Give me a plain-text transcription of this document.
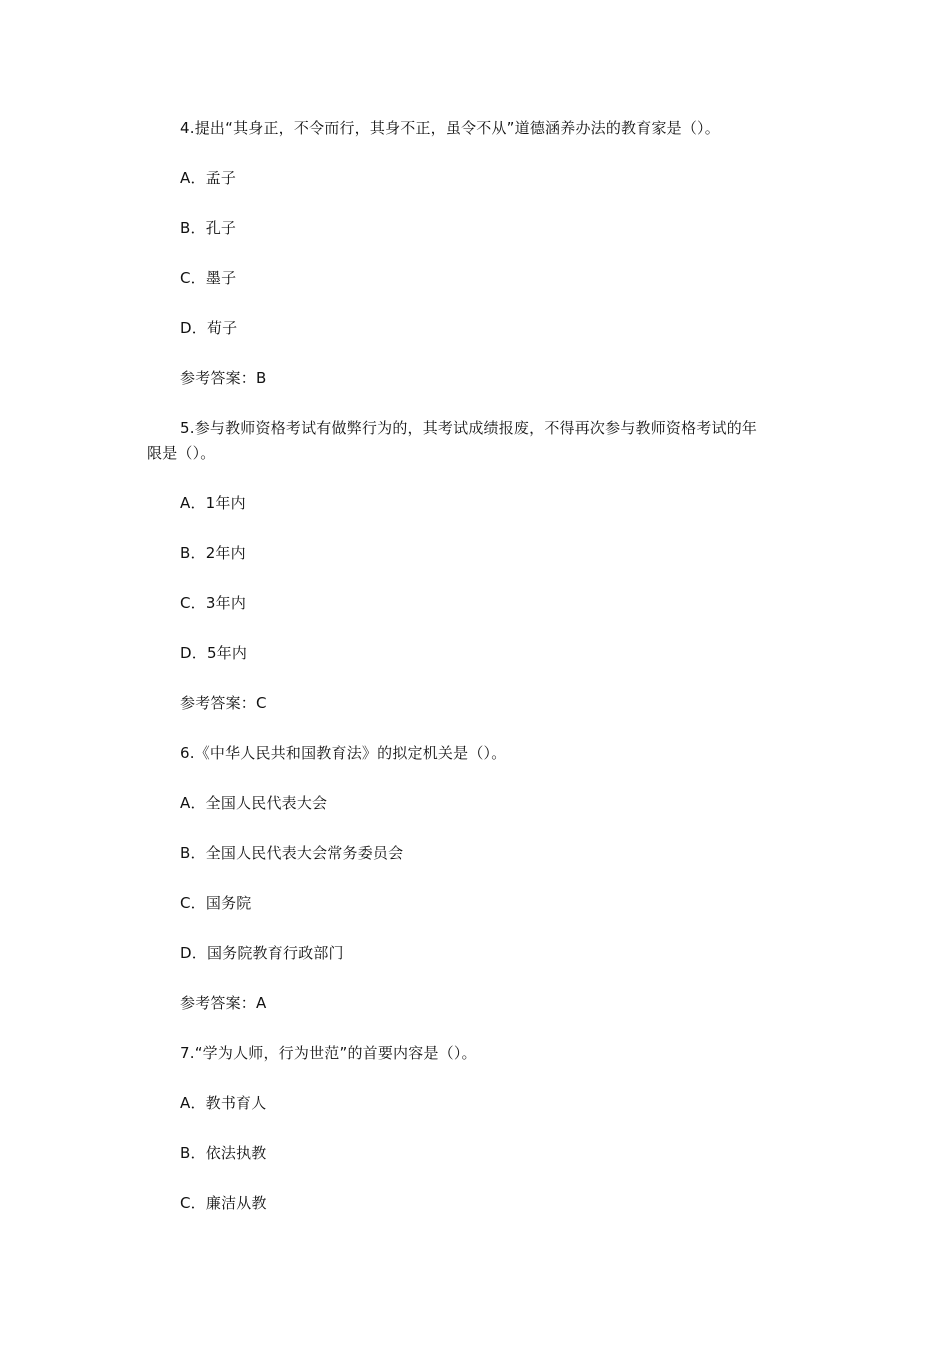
4.提出“其身正，不令而行，其身不正，虽令不从”道德涵养办法的教育家是（）。
A．孟子
B．孔子
C．墨子
D．荀子
参考答案：B
5.参与教师资格考试有做弊行为的，其考试成绩报废，不得再次参与教师资格考试的年
限是（）。
A．1年内
B．2年内
C．3年内
D．5年内
参考答案：C
6.《中华人民共和国教育法》的拟定机关是（）。
A．全国人民代表大会
B．全国人民代表大会常务委员会
C．国务院
D．国务院教育行政部门
参考答案：A
7.“学为人师，行为世范”的首要内容是（）。
A．教书育人
B．依法执教
C．廉洁从教
